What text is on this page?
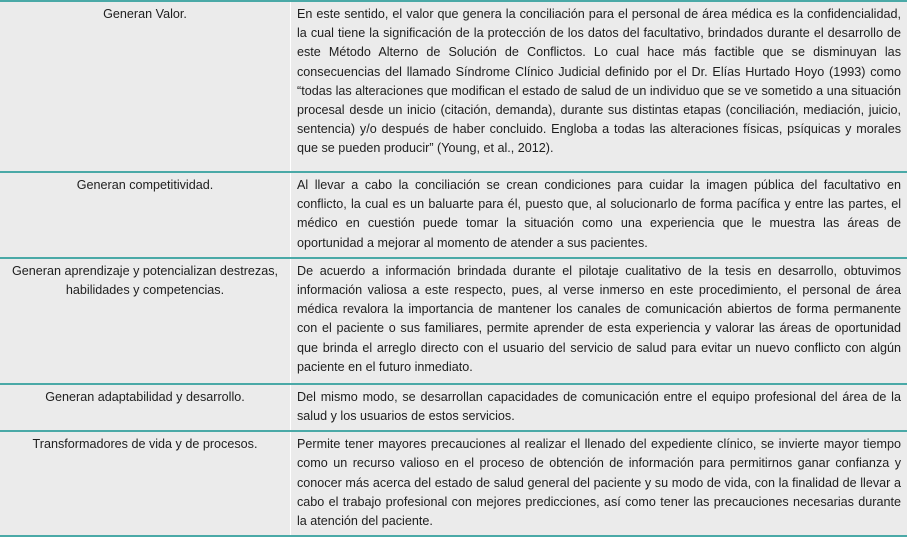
Generan Valor.	En este sentido, el valor que genera la conciliación para el personal de área médica es la confidencialidad, la cual tiene la significación de la protección de los datos del facultativo, brindados durante el desarrollo de este Método Alterno de Solución de Conflictos. Lo cual hace más factible que se disminuyan las consecuencias del llamado Síndrome Clínico Judicial definido por el Dr. Elías Hurtado Hoyo (1993) como “todas las alteraciones que modifican el estado de salud de un individuo que se ve sometido a una situación procesal desde un inicio (citación, demanda), durante sus distintas etapas (conciliación, mediación, juicio, sentencia) y/o después de haber concluido. Engloba a todas las alteraciones físicas, psíquicas y morales que se pueden producir” (Young, et al., 2012).
Generan competitividad.	Al llevar a cabo la conciliación se crean condiciones para cuidar la imagen pública del facultativo en conflicto, la cual es un baluarte para él, puesto que, al solucionarlo de forma pacífica y entre las partes, el médico en cuestión puede tomar la situación como una experiencia que le muestra las áreas de oportunidad a mejorar al momento de atender a sus pacientes.
Generan aprendizaje y potencializan destrezas, habilidades y competencias.	De acuerdo a información brindada durante el pilotaje cualitativo de la tesis en desarrollo, obtuvimos información valiosa a este respecto, pues, al verse inmerso en este procedimiento, el personal de área médica revalora la importancia de mantener los canales de comunicación abiertos de forma permanente con el paciente o sus familiares, permite aprender de esta experiencia y valorar las áreas de oportunidad que brinda el arreglo directo con el usuario del servicio de salud para evitar un nuevo conflicto con algún paciente en el futuro inmediato.
Generan adaptabilidad y desarrollo.	Del mismo modo, se desarrollan capacidades de comunicación entre el equipo profesional del área de la salud y los usuarios de estos servicios.
Transformadores de vida y de procesos.	Permite tener mayores precauciones al realizar el llenado del expediente clínico, se invierte mayor tiempo como un recurso valioso en el proceso de obtención de información para permitirnos ganar confianza y conocer más acerca del estado de salud general del paciente y su modo de vida, con la finalidad de llevar a cabo el trabajo profesional con mejores predicciones, así como tener las precauciones necesarias durante la atención del paciente.
